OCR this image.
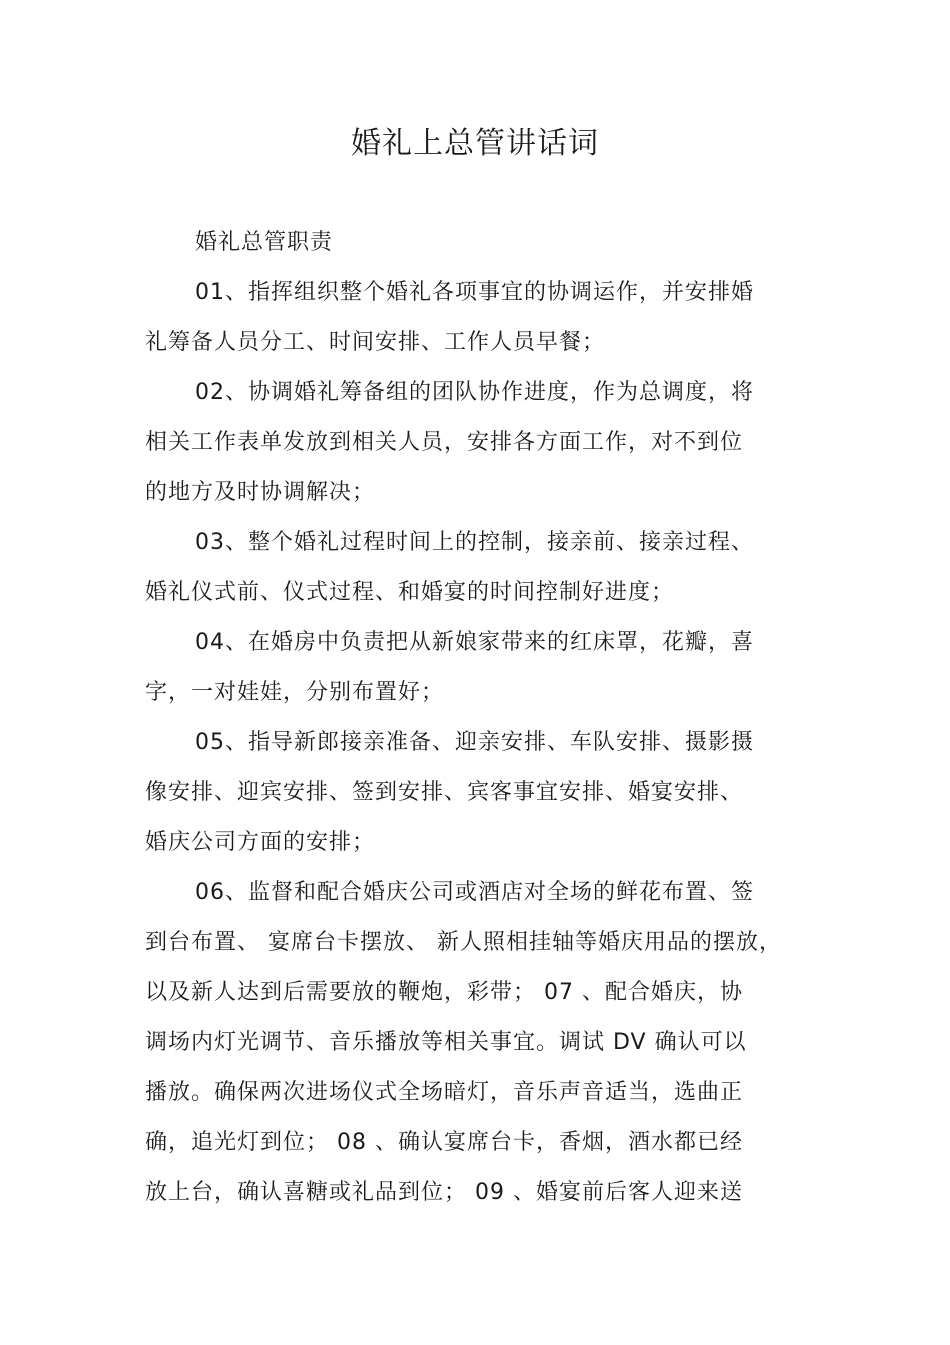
婚礼上总管讲话词
婚礼总管职责
01、指挥组织整个婚礼各项事宜的协调运作，并安排婚
礼筹备人员分工、时间安排、工作人员早餐；
02、协调婚礼筹备组的团队协作进度，作为总调度，将
相关工作表单发放到相关人员，安排各方面工作，对不到位
的地方及时协调解决；
03、整个婚礼过程时间上的控制，接亲前、接亲过程、
婚礼仪式前、仪式过程、和婚宴的时间控制好进度；
04、在婚房中负责把从新娘家带来的红床罩，花瓣，喜
字，一对娃娃，分别布置好；
05、指导新郎接亲准备、迎亲安排、车队安排、摄影摄
像安排、迎宾安排、签到安排、宾客事宜安排、婚宴安排、
婚庆公司方面的安排；
06、监督和配合婚庆公司或酒店对全场的鲜花布置、签
到台布置、 宴席台卡摆放、 新人照相挂轴等婚庆用品的摆放，
以及新人达到后需要放的鞭炮，彩带； 07 、配合婚庆，协
调场内灯光调节、音乐播放等相关事宜。调试 DV 确认可以
播放。确保两次进场仪式全场暗灯，音乐声音适当，选曲正
确，追光灯到位； 08 、确认宴席台卡，香烟，酒水都已经
放上台，确认喜糖或礼品到位； 09 、婚宴前后客人迎来送
